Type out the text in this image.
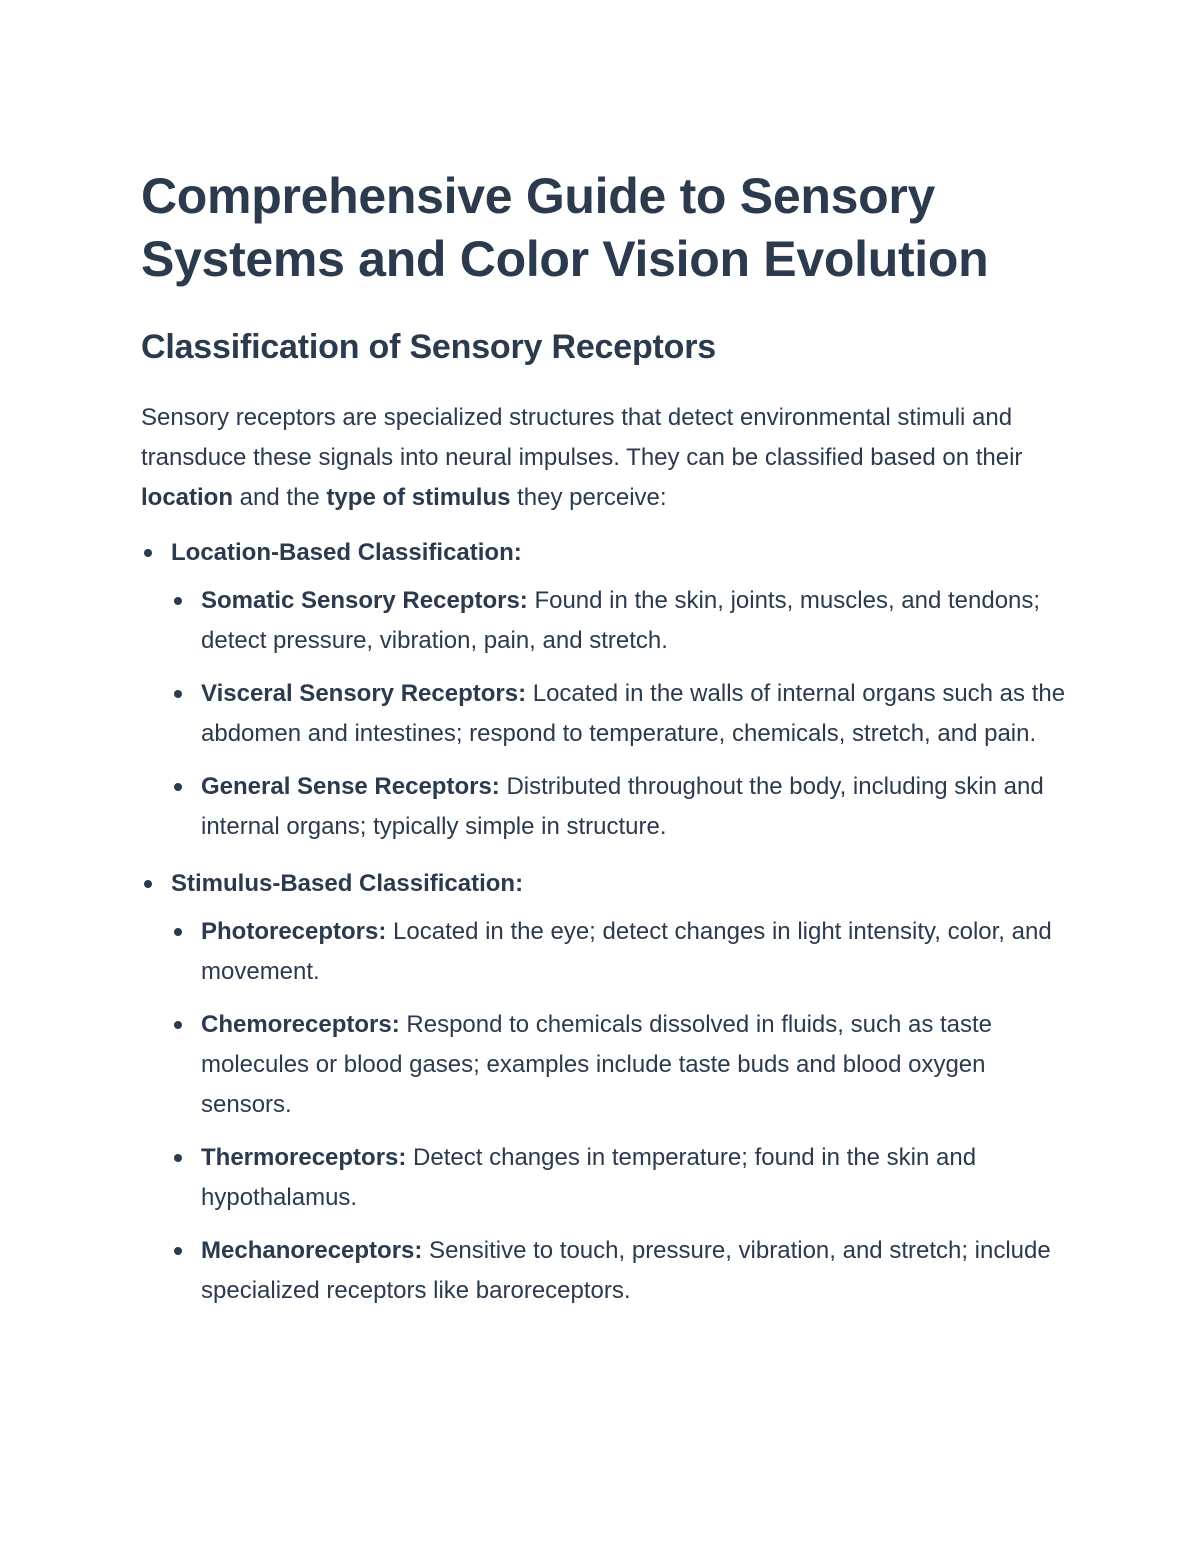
Comprehensive Guide to Sensory Systems and Color Vision Evolution
Classification of Sensory Receptors

Sensory receptors are specialized structures that detect environmental stimuli and transduce these signals into neural impulses. They can be classified based on their location and the type of stimulus they perceive:

Location-Based Classification:
Somatic Sensory Receptors: Found in the skin, joints, muscles, and tendons; detect pressure, vibration, pain, and stretch.
Visceral Sensory Receptors: Located in the walls of internal organs such as the abdomen and intestines; respond to temperature, chemicals, stretch, and pain.
General Sense Receptors: Distributed throughout the body, including skin and internal organs; typically simple in structure.
Stimulus-Based Classification:
Photoreceptors: Located in the eye; detect changes in light intensity, color, and movement.
Chemoreceptors: Respond to chemicals dissolved in fluids, such as taste molecules or blood gases; examples include taste buds and blood oxygen sensors.
Thermoreceptors: Detect changes in temperature; found in the skin and hypothalamus.
Mechanoreceptors: Sensitive to touch, pressure, vibration, and stretch; include specialized receptors like baroreceptors.
